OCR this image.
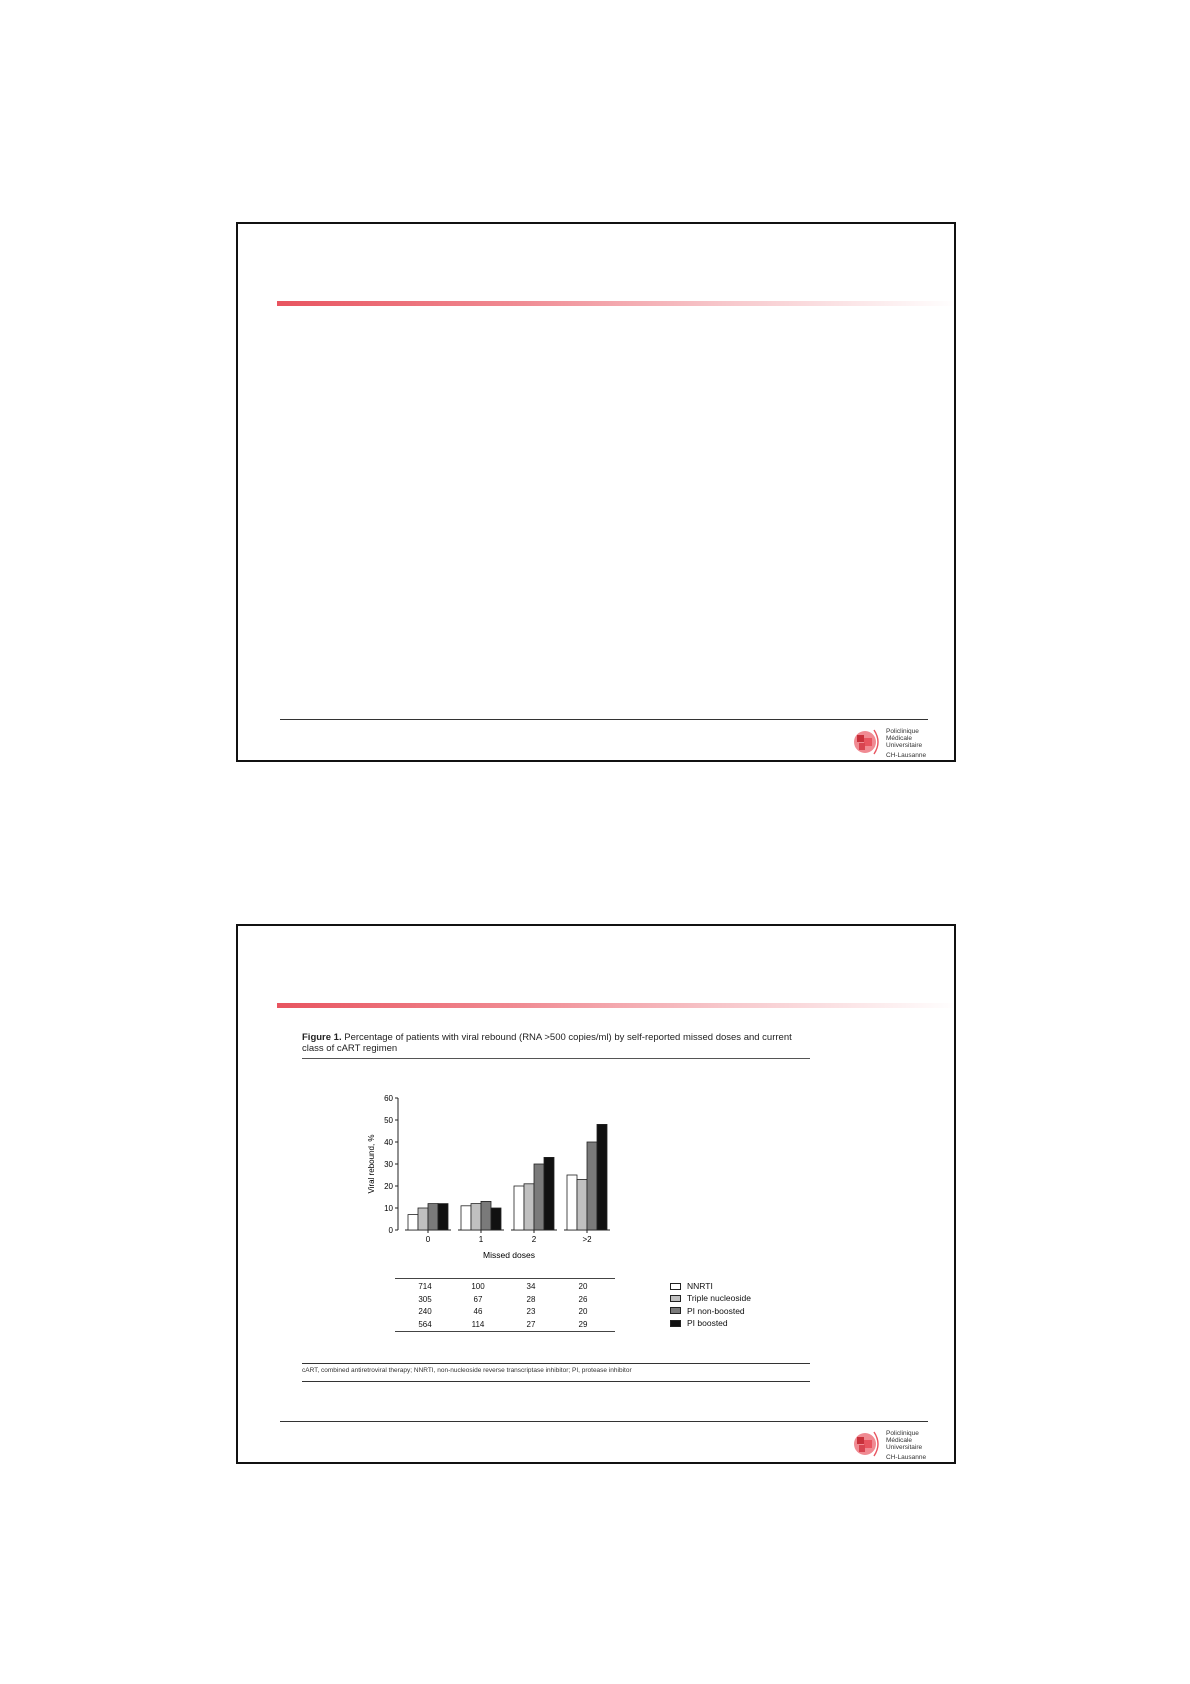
Policlinique
Médicale
Universitaire
CH-Lausanne
Figure 1. Percentage of patients with viral rebound (RNA >500 copies/ml) by self-reported missed doses and current class of cART regimen
0
10
20
30
40
50
60
0	1	2	>2
Viral rebound, %
Missed doses
714	100	34	20
305	67	28	26
240	46	23	20
564	114	27	29
NNRTI
Triple nucleoside
PI non-boosted
PI boosted
cART, combined antiretroviral therapy; NNRTI, non-nucleoside reverse transcriptase inhibitor; PI, protease inhibitor
Policlinique
Médicale
Universitaire
CH-Lausanne
